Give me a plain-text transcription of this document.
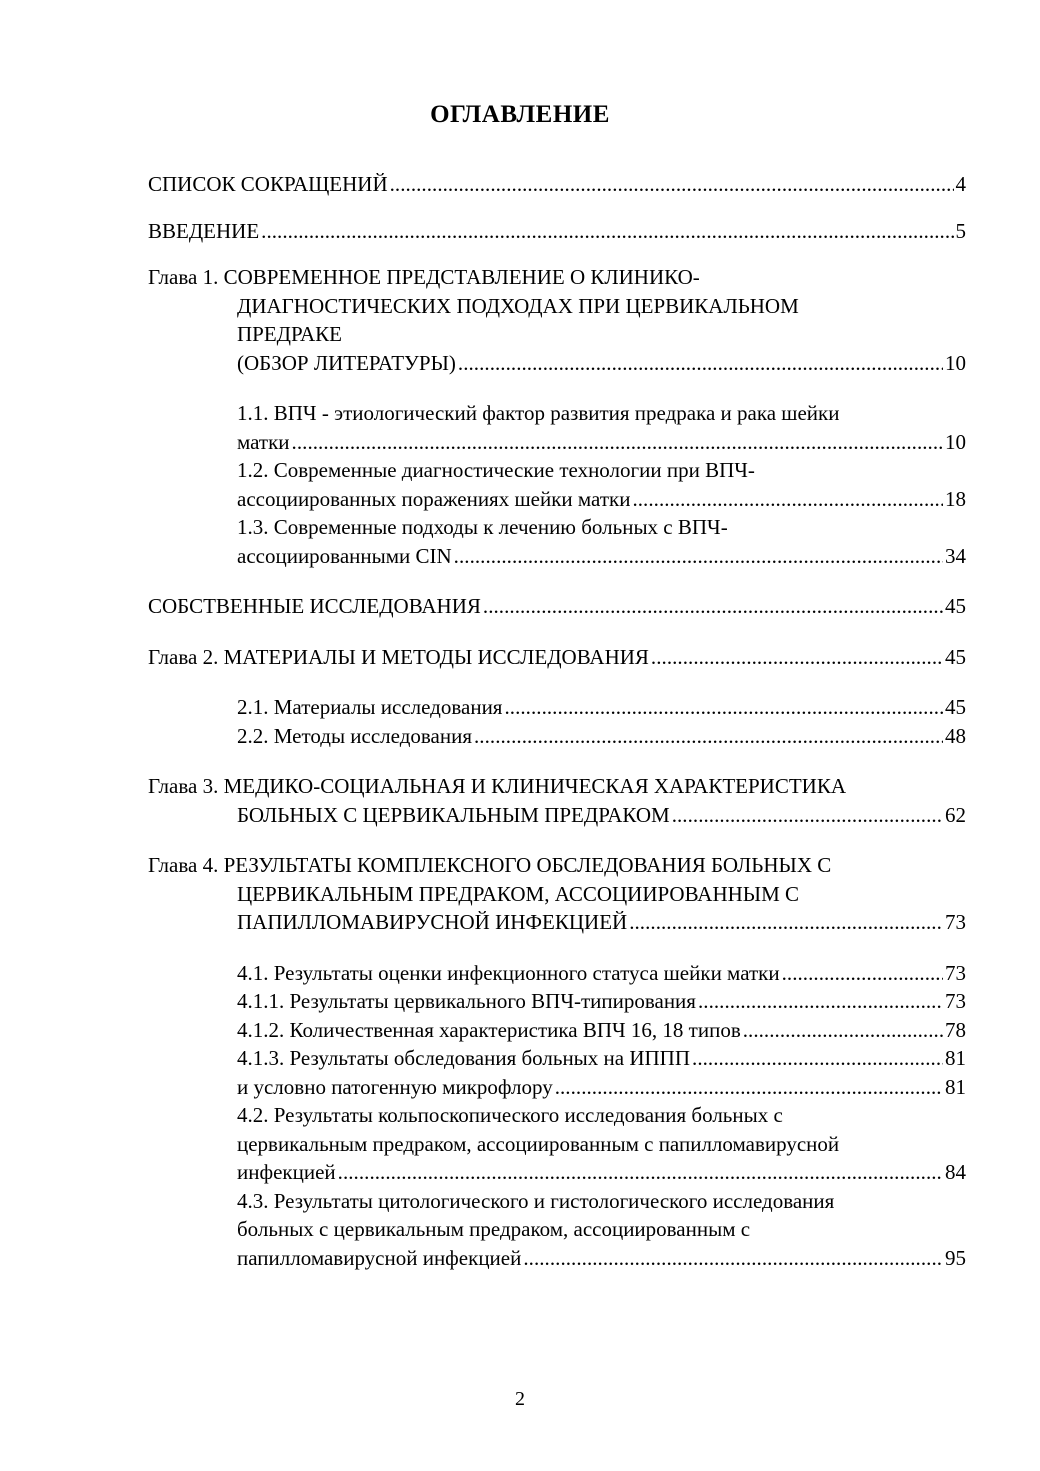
ОГЛАВЛЕНИЕ
СПИСОК СОКРАЩЕНИЙ . . .	4
ВВЕДЕНИЕ . . .	5
Глава 1. СОВРЕМЕННОЕ ПРЕДСТАВЛЕНИЕ О КЛИНИКО-
ДИАГНОСТИЧЕСКИХ ПОДХОДАХ ПРИ ЦЕРВИКАЛЬНОМ
ПРЕДРАКЕ
(ОБЗОР ЛИТЕРАТУРЫ) . . .	10
1.1. ВПЧ - этиологический фактор развития предрака и рака шейки
матки . . .	10
1.2. Современные диагностические технологии при ВПЧ-
ассоциированных поражениях шейки матки . . .	18
1.3. Современные подходы к лечению больных с ВПЧ-
ассоциированными CIN . . .	34
СОБСТВЕННЫЕ ИССЛЕДОВАНИЯ . . .	45
Глава 2. МАТЕРИАЛЫ И МЕТОДЫ ИССЛЕДОВАНИЯ . . .	45
2.1. Материалы исследования . . .	45
2.2. Методы исследования . . .	48
Глава 3. МЕДИКО-СОЦИАЛЬНАЯ И КЛИНИЧЕСКАЯ ХАРАКТЕРИСТИКА
БОЛЬНЫХ С ЦЕРВИКАЛЬНЫМ ПРЕДРАКОМ . . .	62
Глава 4. РЕЗУЛЬТАТЫ КОМПЛЕКСНОГО ОБСЛЕДОВАНИЯ БОЛЬНЫХ С
ЦЕРВИКАЛЬНЫМ ПРЕДРАКОМ, АССОЦИИРОВАННЫМ С
ПАПИЛЛОМАВИРУСНОЙ ИНФЕКЦИЕЙ . . .	73
4.1. Результаты оценки инфекционного статуса шейки матки . . .	73
4.1.1. Результаты цервикального ВПЧ-типирования . . .	73
4.1.2. Количественная характеристика ВПЧ 16, 18 типов . . .	78
4.1.3. Результаты обследования больных на ИППП . . .	81
и условно патогенную микрофлору . . .	81
4.2. Результаты кольпоскопического исследования больных с
цервикальным предраком, ассоциированным с папилломавирусной
инфекцией . . .	84
4.3. Результаты цитологического и гистологического исследования
больных с цервикальным предраком, ассоциированным с
папилломавирусной инфекцией . . .	95
2
